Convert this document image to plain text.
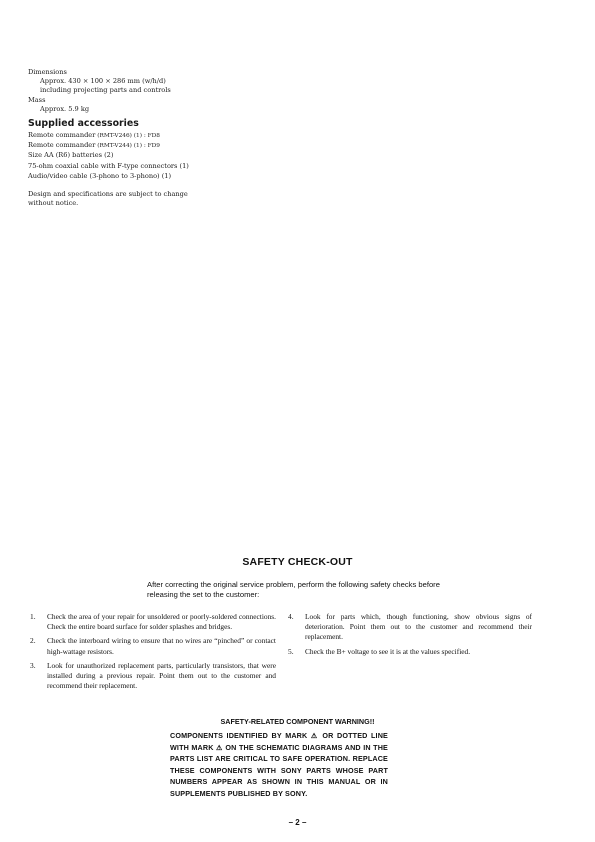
Dimensions
Approx. 430 × 100 × 286 mm (w/h/d)
including projecting parts and controls
Mass
Approx. 5.9 kg
Supplied accessories
Remote commander (RMT-V246) (1) : FD8
Remote commander (RMT-V244) (1) : FD9
Size AA (R6) batteries (2)
75-ohm coaxial cable with F-type connectors (1)
Audio/video cable (3-phono to 3-phono) (1)
Design and specifications are subject to change
without notice.
SAFETY CHECK-OUT
After correcting the original service problem, perform the following safety checks before releasing the set to the customer:
1.	Check the area of your repair for unsoldered or poorly-soldered connections. Check the entire board surface for solder splashes and bridges.
2.	Check the interboard wiring to ensure that no wires are “pinched” or contact high-wattage resistors.
3.	Look for unauthorized replacement parts, particularly transistors, that were installed during a previous repair. Point them out to the customer and recommend their replacement.
4.	Look for parts which, though functioning, show obvious signs of deterioration. Point them out to the customer and recommend their replacement.
5.	Check the B+ voltage to see it is at the values specified.
SAFETY-RELATED COMPONENT WARNING!!
COMPONENTS IDENTIFIED BY MARK ⚠ OR DOTTED LINE WITH MARK ⚠ ON THE SCHEMATIC DIAGRAMS AND IN THE PARTS LIST ARE CRITICAL TO SAFE OPERATION. REPLACE THESE COMPONENTS WITH SONY PARTS WHOSE PART NUMBERS APPEAR AS SHOWN IN THIS MANUAL OR IN SUPPLEMENTS PUBLISHED BY SONY.
– 2 –
